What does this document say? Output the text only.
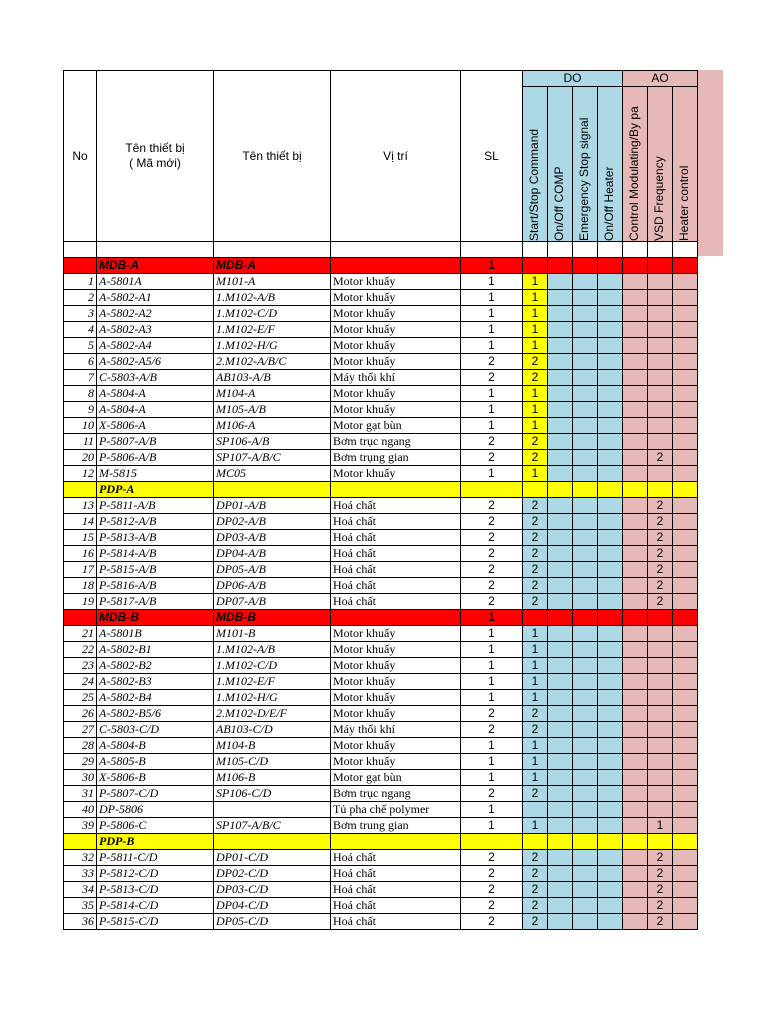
No	Tên thiết bị
( Mã mới)	Tên thiết bị	Vị trí	SL	DO				AO		

					Start/Stop Command	On/Off COMP	Emergency Stop signal	On/Off Heater	Control Modulating/By pa	VSD Frequency	Heater control

	MDB-A	MDB-A		1							
1	A-5801A	M101-A	Motor khuấy	1	1						
2	A-5802-A1	1.M102-A/B	Motor khuấy	1	1						
3	A-5802-A2	1.M102-C/D	Motor khuấy	1	1						
4	A-5802-A3	1.M102-E/F	Motor khuấy	1	1						
5	A-5802-A4	1.M102-H/G	Motor khuấy	1	1						
6	A-5802-A5/6	2.M102-A/B/C	Motor khuấy	2	2						
7	C-5803-A/B	AB103-A/B	Máy thổi khí	2	2						
8	A-5804-A	M104-A	Motor khuấy	1	1						
9	A-5804-A	M105-A/B	Motor khuấy	1	1						
10	X-5806-A	M106-A	Motor gạt bùn	1	1						
11	P-5807-A/B	SP106-A/B	Bơm trục ngang	2	2						
20	P-5806-A/B	SP107-A/B/C	Bơm trụng gian	2	2					2	
12	M-5815	MC05	Motor khuấy	1	1						
	PDP-A										
13	P-5811-A/B	DP01-A/B	Hoá chất	2	2					2	
14	P-5812-A/B	DP02-A/B	Hoá chất	2	2					2	
15	P-5813-A/B	DP03-A/B	Hoá chất	2	2					2	
16	P-5814-A/B	DP04-A/B	Hoá chất	2	2					2	
17	P-5815-A/B	DP05-A/B	Hoá chất	2	2					2	
18	P-5816-A/B	DP06-A/B	Hoá chất	2	2					2	
19	P-5817-A/B	DP07-A/B	Hoá chất	2	2					2	
	MDB-B	MDB-B		1							
21	A-5801B	M101-B	Motor khuấy	1	1						
22	A-5802-B1	1.M102-A/B	Motor khuấy	1	1						
23	A-5802-B2	1.M102-C/D	Motor khuấy	1	1						
24	A-5802-B3	1.M102-E/F	Motor khuấy	1	1						
25	A-5802-B4	1.M102-H/G	Motor khuấy	1	1						
26	A-5802-B5/6	2.M102-D/E/F	Motor khuấy	2	2						
27	C-5803-C/D	AB103-C/D	Máy thổi khí	2	2						
28	A-5804-B	M104-B	Motor khuấy	1	1						
29	A-5805-B	M105-C/D	Motor khuấy	1	1						
30	X-5806-B	M106-B	Motor gạt bùn	1	1						
31	P-5807-C/D	SP106-C/D	Bơm trục ngang	2	2						
40	DP-5806		Tủ pha chế polymer	1							
39	P-5806-C	SP107-A/B/C	Bơm trung gian	1	1					1	
	PDP-B										
32	P-5811-C/D	DP01-C/D	Hoá chất	2	2					2	
33	P-5812-C/D	DP02-C/D	Hoá chất	2	2					2	
34	P-5813-C/D	DP03-C/D	Hoá chất	2	2					2	
35	P-5814-C/D	DP04-C/D	Hoá chất	2	2					2	
36	P-5815-C/D	DP05-C/D	Hoá chất	2	2					2	
